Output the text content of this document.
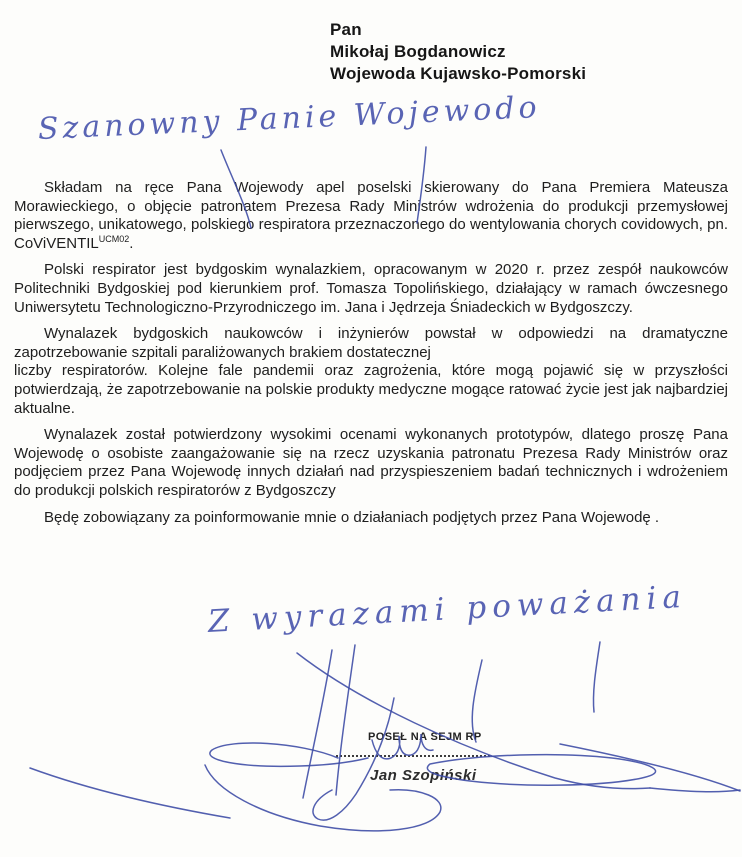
Pan
Mikołaj Bogdanowicz
Wojewoda Kujawsko-Pomorski
Szanowny Panie Wojewodo

Składam na ręce Pana Wojewody apel poselski skierowany do Pana Premiera Mateusza Morawieckiego, o objęcie patronatem Prezesa Rady Ministrów wdrożenia do produkcji przemysłowej pierwszego, unikatowego, polskiego respiratora przeznaczonego do wentylowania chorych covidowych, pn. CoViVENTIL$^{UCM02}$.

Polski respirator jest bydgoskim wynalazkiem, opracowanym w 2020 r. przez zespół naukowców Politechniki Bydgoskiej pod kierunkiem prof. Tomasza Topolińskiego, działający w ramach ówczesnego Uniwersytetu Technologiczno-Przyrodniczego im. Jana i Jędrzeja Śniadeckich w Bydgoszczy.

Wynalazek bydgoskich naukowców i inżynierów powstał w odpowiedzi na dramatyczne zapotrzebowanie szpitali paraliżowanych brakiem dostatecznej

liczby respiratorów. Kolejne fale pandemii oraz zagrożenia, które mogą pojawić się w przyszłości potwierdzają, że zapotrzebowanie na polskie produkty medyczne mogące ratować życie jest jak najbardziej aktualne.

Wynalazek został potwierdzony wysokimi ocenami wykonanych prototypów, dlatego proszę Pana Wojewodę o osobiste zaangażowanie się na rzecz uzyskania patronatu Prezesa Rady Ministrów oraz podjęciem przez Pana Wojewodę innych działań nad przyspieszeniem badań technicznych i wdrożeniem do produkcji polskich respiratorów z Bydgoszczy

Będę zobowiązany za poinformowanie mnie o działaniach podjętych przez Pana Wojewodę .

Z wyrazami poważania
POSEŁ NA SEJM RP
Jan Szopiński
